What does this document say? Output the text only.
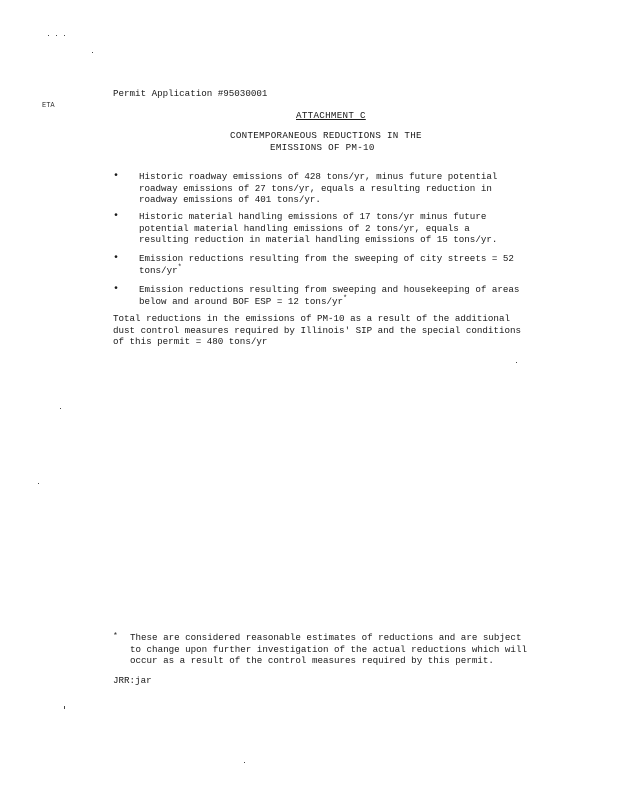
Permit Application #95030001
ETA
ATTACHMENT C
CONTEMPORANEOUS REDUCTIONS IN THE
EMISSIONS OF PM-10
• Historic roadway emissions of 428 tons/yr, minus future potential
roadway emissions of 27 tons/yr, equals a resulting reduction in
roadway emissions of 401 tons/yr.
• Historic material handling emissions of 17 tons/yr minus future
potential material handling emissions of 2 tons/yr, equals a
resulting reduction in material handling emissions of 15 tons/yr.
• Emission reductions resulting from the sweeping of city streets = 52
tons/yr*
• Emission reductions resulting from sweeping and housekeeping of areas
below and around BOF ESP = 12 tons/yr*
Total reductions in the emissions of PM-10 as a result of the additional
dust control measures required by Illinois' SIP and the special conditions
of this permit = 480 tons/yr
* These are considered reasonable estimates of reductions and are subject
to change upon further investigation of the actual reductions which will
occur as a result of the control measures required by this permit.
JRR:jar
